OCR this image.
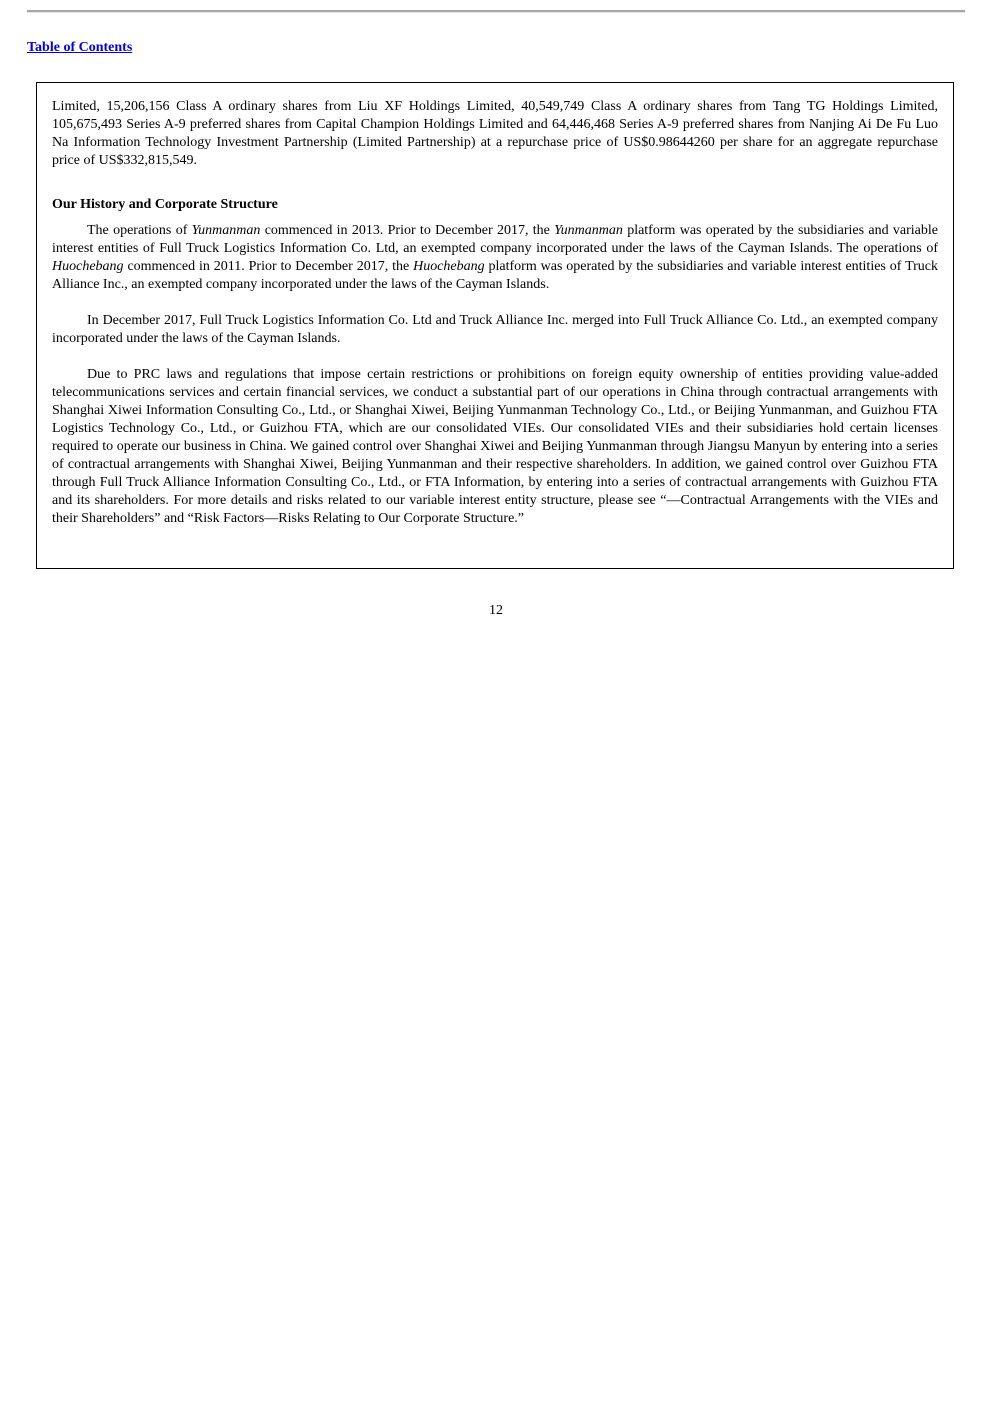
Table of Contents

Limited, 15,206,156 Class A ordinary shares from Liu XF Holdings Limited, 40,549,749 Class A ordinary shares from Tang TG Holdings Limited, 105,675,493 Series A-9 preferred shares from Capital Champion Holdings Limited and 64,446,468 Series A-9 preferred shares from Nanjing Ai De Fu Luo Na Information Technology Investment Partnership (Limited Partnership) at a repurchase price of US$0.98644260 per share for an aggregate repurchase price of US$332,815,549.

Our History and Corporate Structure

The operations of Yunmanman commenced in 2013. Prior to December 2017, the Yunmanman platform was operated by the subsidiaries and variable interest entities of Full Truck Logistics Information Co. Ltd, an exempted company incorporated under the laws of the Cayman Islands. The operations of Huochebang commenced in 2011. Prior to December 2017, the Huochebang platform was operated by the subsidiaries and variable interest entities of Truck Alliance Inc., an exempted company incorporated under the laws of the Cayman Islands.

In December 2017, Full Truck Logistics Information Co. Ltd and Truck Alliance Inc. merged into Full Truck Alliance Co. Ltd., an exempted company incorporated under the laws of the Cayman Islands.

Due to PRC laws and regulations that impose certain restrictions or prohibitions on foreign equity ownership of entities providing value-added telecommunications services and certain financial services, we conduct a substantial part of our operations in China through contractual arrangements with Shanghai Xiwei Information Consulting Co., Ltd., or Shanghai Xiwei, Beijing Yunmanman Technology Co., Ltd., or Beijing Yunmanman, and Guizhou FTA Logistics Technology Co., Ltd., or Guizhou FTA, which are our consolidated VIEs. Our consolidated VIEs and their subsidiaries hold certain licenses required to operate our business in China. We gained control over Shanghai Xiwei and Beijing Yunmanman through Jiangsu Manyun by entering into a series of contractual arrangements with Shanghai Xiwei, Beijing Yunmanman and their respective shareholders. In addition, we gained control over Guizhou FTA through Full Truck Alliance Information Consulting Co., Ltd., or FTA Information, by entering into a series of contractual arrangements with Guizhou FTA and its shareholders. For more details and risks related to our variable interest entity structure, please see “—Contractual Arrangements with the VIEs and their Shareholders” and “Risk Factors—Risks Relating to Our Corporate Structure.”

12
